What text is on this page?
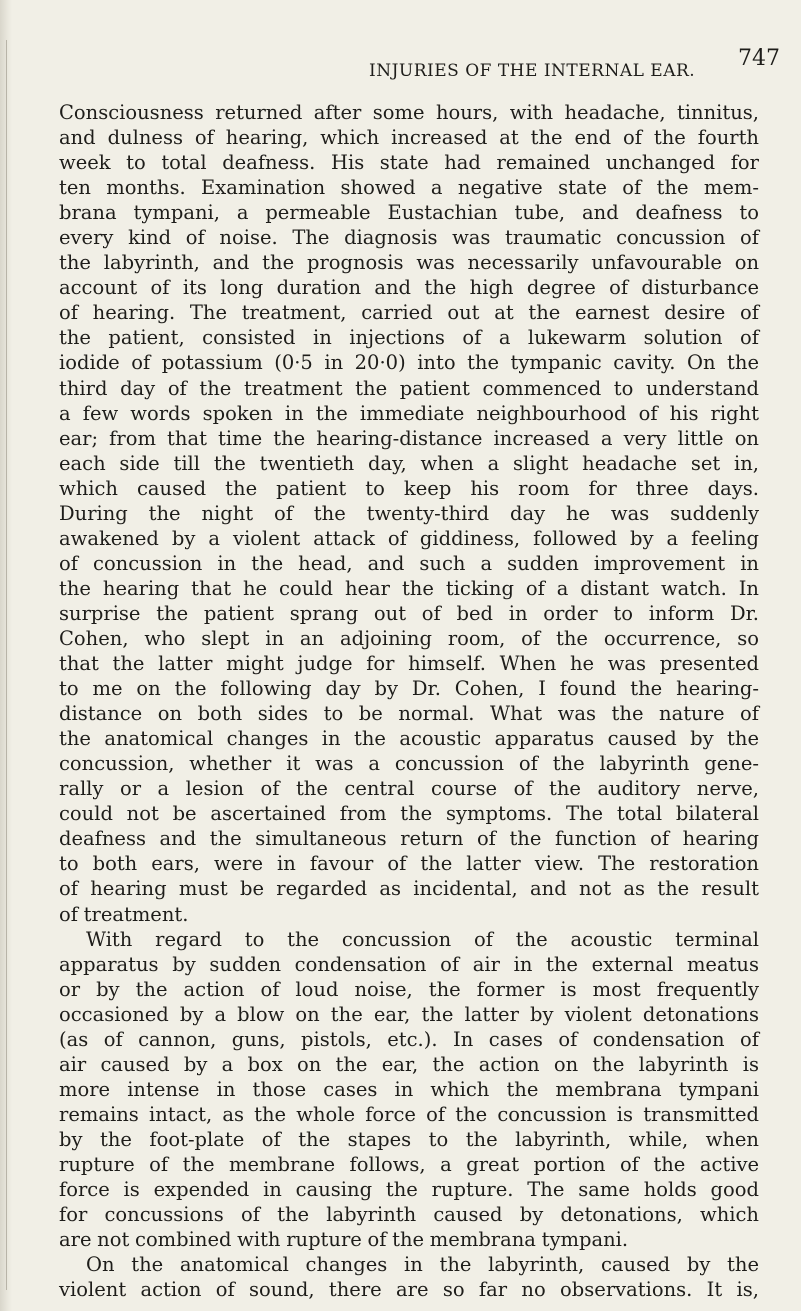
INJURIES OF THE INTERNAL EAR. 747
Consciousness returned after some hours, with headache, tinnitus,
and dulness of hearing, which increased at the end of the fourth
week to total deafness. His state had remained unchanged for
ten months. Examination showed a negative state of the mem-
brana tympani, a permeable Eustachian tube, and deafness to
every kind of noise. The diagnosis was traumatic concussion of
the labyrinth, and the prognosis was necessarily unfavourable on
account of its long duration and the high degree of disturbance
of hearing. The treatment, carried out at the earnest desire of
the patient, consisted in injections of a lukewarm solution of
iodide of potassium (0·5 in 20·0) into the tympanic cavity. On the
third day of the treatment the patient commenced to understand
a few words spoken in the immediate neighbourhood of his right
ear; from that time the hearing-distance increased a very little on
each side till the twentieth day, when a slight headache set in,
which caused the patient to keep his room for three days.
During the night of the twenty-third day he was suddenly
awakened by a violent attack of giddiness, followed by a feeling
of concussion in the head, and such a sudden improvement in
the hearing that he could hear the ticking of a distant watch. In
surprise the patient sprang out of bed in order to inform Dr.
Cohen, who slept in an adjoining room, of the occurrence, so
that the latter might judge for himself. When he was presented
to me on the following day by Dr. Cohen, I found the hearing-
distance on both sides to be normal. What was the nature of
the anatomical changes in the acoustic apparatus caused by the
concussion, whether it was a concussion of the labyrinth gene-
rally or a lesion of the central course of the auditory nerve,
could not be ascertained from the symptoms. The total bilateral
deafness and the simultaneous return of the function of hearing
to both ears, were in favour of the latter view. The restoration
of hearing must be regarded as incidental, and not as the result
of treatment.
With regard to the concussion of the acoustic terminal
apparatus by sudden condensation of air in the external meatus
or by the action of loud noise, the former is most frequently
occasioned by a blow on the ear, the latter by violent detonations
(as of cannon, guns, pistols, etc.). In cases of condensation of
air caused by a box on the ear, the action on the labyrinth is
more intense in those cases in which the membrana tympani
remains intact, as the whole force of the concussion is transmitted
by the foot-plate of the stapes to the labyrinth, while, when
rupture of the membrane follows, a great portion of the active
force is expended in causing the rupture. The same holds good
for concussions of the labyrinth caused by detonations, which
are not combined with rupture of the membrana tympani.
On the anatomical changes in the labyrinth, caused by the
violent action of sound, there are so far no observations. It is,
